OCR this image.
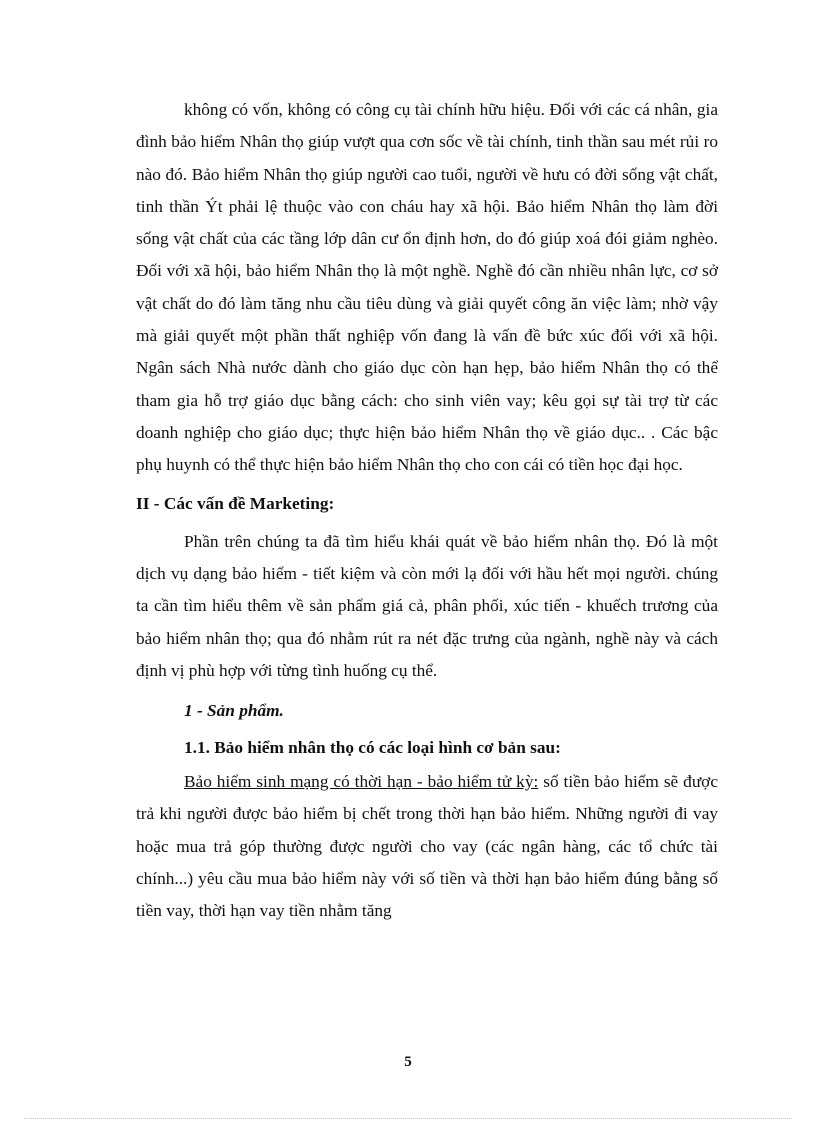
không có vốn, không có công cụ tài chính hữu hiệu. Đối với các cá nhân, gia đình bảo hiểm Nhân thọ giúp vượt qua cơn sốc về tài chính, tinh thần sau mét rủi ro nào đó. Bảo hiểm Nhân thọ giúp người cao tuổi, người về hưu có đời sống vật chất, tinh thần Ýt phải lệ thuộc vào con cháu hay xã hội. Bảo hiểm Nhân thọ làm đời sống vật chất của các tầng lớp dân cư ổn định hơn, do đó giúp xoá đói giảm nghèo. Đối với xã hội, bảo hiểm Nhân thọ là một nghề. Nghề đó cần nhiều nhân lực, cơ sở vật chất do đó làm tăng nhu cầu tiêu dùng và giải quyết công ăn việc làm; nhờ vậy mà giải quyết một phần thất nghiệp vốn đang là vấn đề bức xúc đối với xã hội. Ngân sách Nhà nước dành cho giáo dục còn hạn hẹp, bảo hiểm Nhân thọ có thể tham gia hỗ trợ giáo dục bằng cách: cho sinh viên vay; kêu gọi sự tài trợ từ các doanh nghiệp cho giáo dục; thực hiện bảo hiểm Nhân thọ về giáo dục.. . Các bậc phụ huynh có thể thực hiện bảo hiểm Nhân thọ cho con cái có tiền học đại học.

II - Các vấn đề Marketing:

Phần trên chúng ta đã tìm hiểu khái quát về bảo hiểm nhân thọ. Đó là một dịch vụ dạng bảo hiểm - tiết kiệm và còn mới lạ đối với hầu hết mọi người. chúng ta cần tìm hiểu thêm về sản phẩm giá cả, phân phối, xúc tiến - khuếch trương của bảo hiểm nhân thọ; qua đó nhằm rút ra nét đặc trưng của ngành, nghề này và cách định vị phù hợp với từng tình huống cụ thể.

1 - Sản phẩm.

1.1. Bảo hiểm nhân thọ có các loại hình cơ bản sau:

Bảo hiểm sinh mạng có thời hạn - bảo hiểm tử kỳ: số tiền bảo hiểm sẽ được trả khi người được bảo hiểm bị chết trong thời hạn bảo hiểm. Những người đi vay hoặc mua trả góp thường được người cho vay (các ngân hàng, các tổ chức tài chính...) yêu cầu mua bảo hiểm này với số tiền và thời hạn bảo hiểm đúng bằng số tiền vay, thời hạn vay tiền nhằm tăng

5
